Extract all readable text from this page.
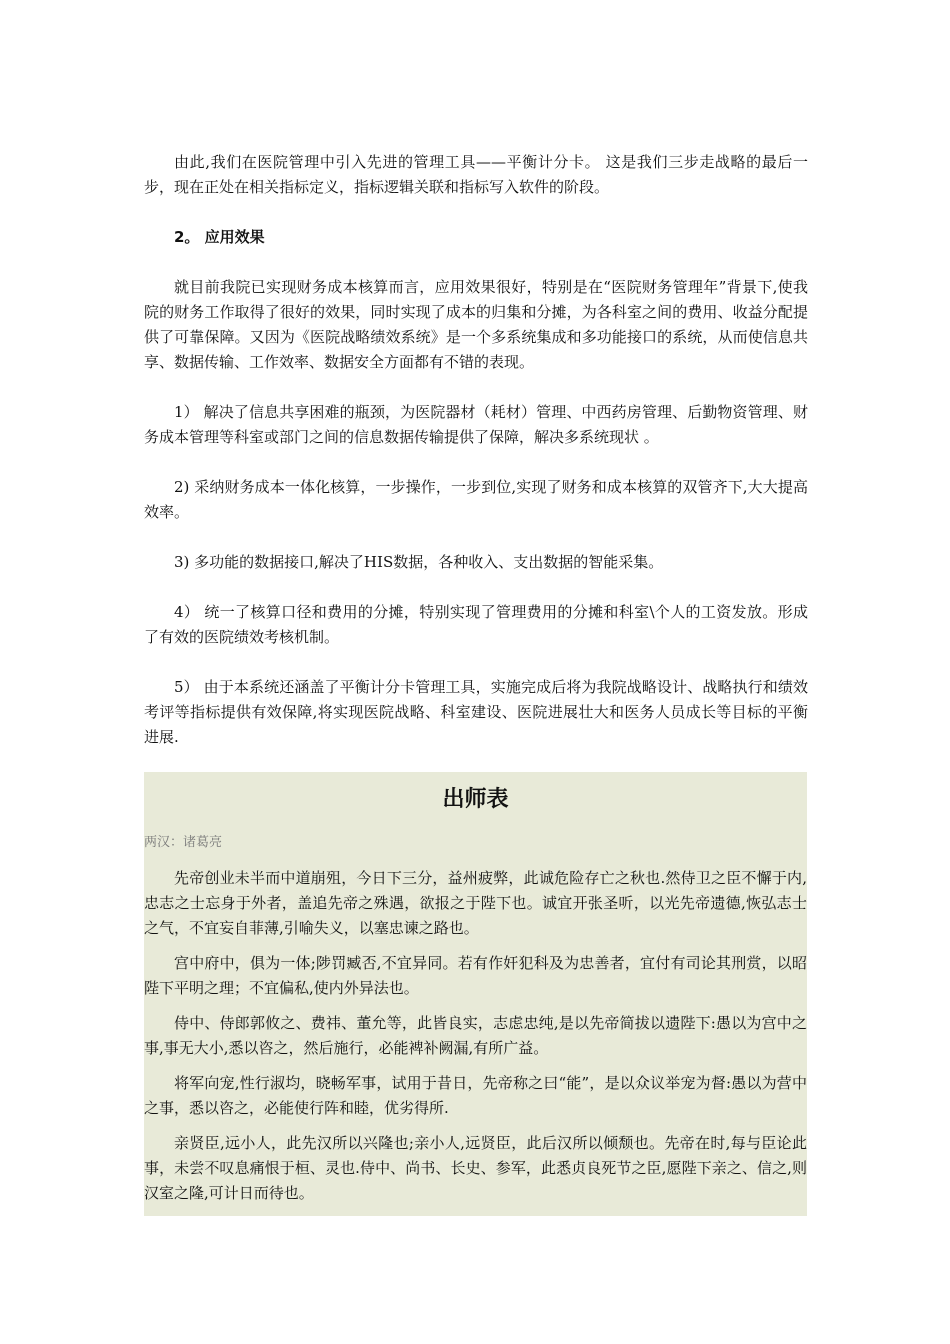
由此,我们在医院管理中引入先进的管理工具——平衡计分卡。 这是我们三步走战略的最后一步，现在正处在相关指标定义，指标逻辑关联和指标写入软件的阶段。

2。 应用效果

就目前我院已实现财务成本核算而言，应用效果很好，特别是在“医院财务管理年”背景下,使我院的财务工作取得了很好的效果，同时实现了成本的归集和分摊，为各科室之间的费用、收益分配提供了可靠保障。又因为《医院战略绩效系统》是一个多系统集成和多功能接口的系统，从而使信息共享、数据传输、工作效率、数据安全方面都有不错的表现。

1） 解决了信息共享困难的瓶颈，为医院器材（耗材）管理、中西药房管理、后勤物资管理、财务成本管理等科室或部门之间的信息数据传输提供了保障，解决多系统现状 。

2) 采纳财务成本一体化核算，一步操作，一步到位,实现了财务和成本核算的双管齐下,大大提高效率。

3) 多功能的数据接口,解决了HIS数据，各种收入、支出数据的智能采集。

4） 统一了核算口径和费用的分摊，特别实现了管理费用的分摊和科室\个人的工资发放。形成了有效的医院绩效考核机制。

5） 由于本系统还涵盖了平衡计分卡管理工具，实施完成后将为我院战略设计、战略执行和绩效考评等指标提供有效保障,将实现医院战略、科室建设、医院进展壮大和医务人员成长等目标的平衡进展.

出师表

两汉：诸葛亮

先帝创业未半而中道崩殂，今日下三分，益州疲弊，此诚危险存亡之秋也.然侍卫之臣不懈于内,忠志之士忘身于外者，盖追先帝之殊遇，欲报之于陛下也。诚宜开张圣听，以光先帝遗德,恢弘志士之气，不宜妄自菲薄,引喻失义，以塞忠谏之路也。

宫中府中，俱为一体;陟罚臧否,不宜异同。若有作奸犯科及为忠善者，宜付有司论其刑赏，以昭陛下平明之理；不宜偏私,使内外异法也。

侍中、侍郎郭攸之、费祎、董允等，此皆良实，志虑忠纯,是以先帝简拔以遗陛下:愚以为宫中之事,事无大小,悉以咨之，然后施行，必能裨补阙漏,有所广益。

将军向宠,性行淑均，晓畅军事，试用于昔日，先帝称之曰“能”，是以众议举宠为督:愚以为营中之事，悉以咨之，必能使行阵和睦，优劣得所.

亲贤臣,远小人，此先汉所以兴隆也;亲小人,远贤臣，此后汉所以倾颓也。先帝在时,每与臣论此事，未尝不叹息痛恨于桓、灵也.侍中、尚书、长史、参军，此悉贞良死节之臣,愿陛下亲之、信之,则汉室之隆,可计日而待也。
